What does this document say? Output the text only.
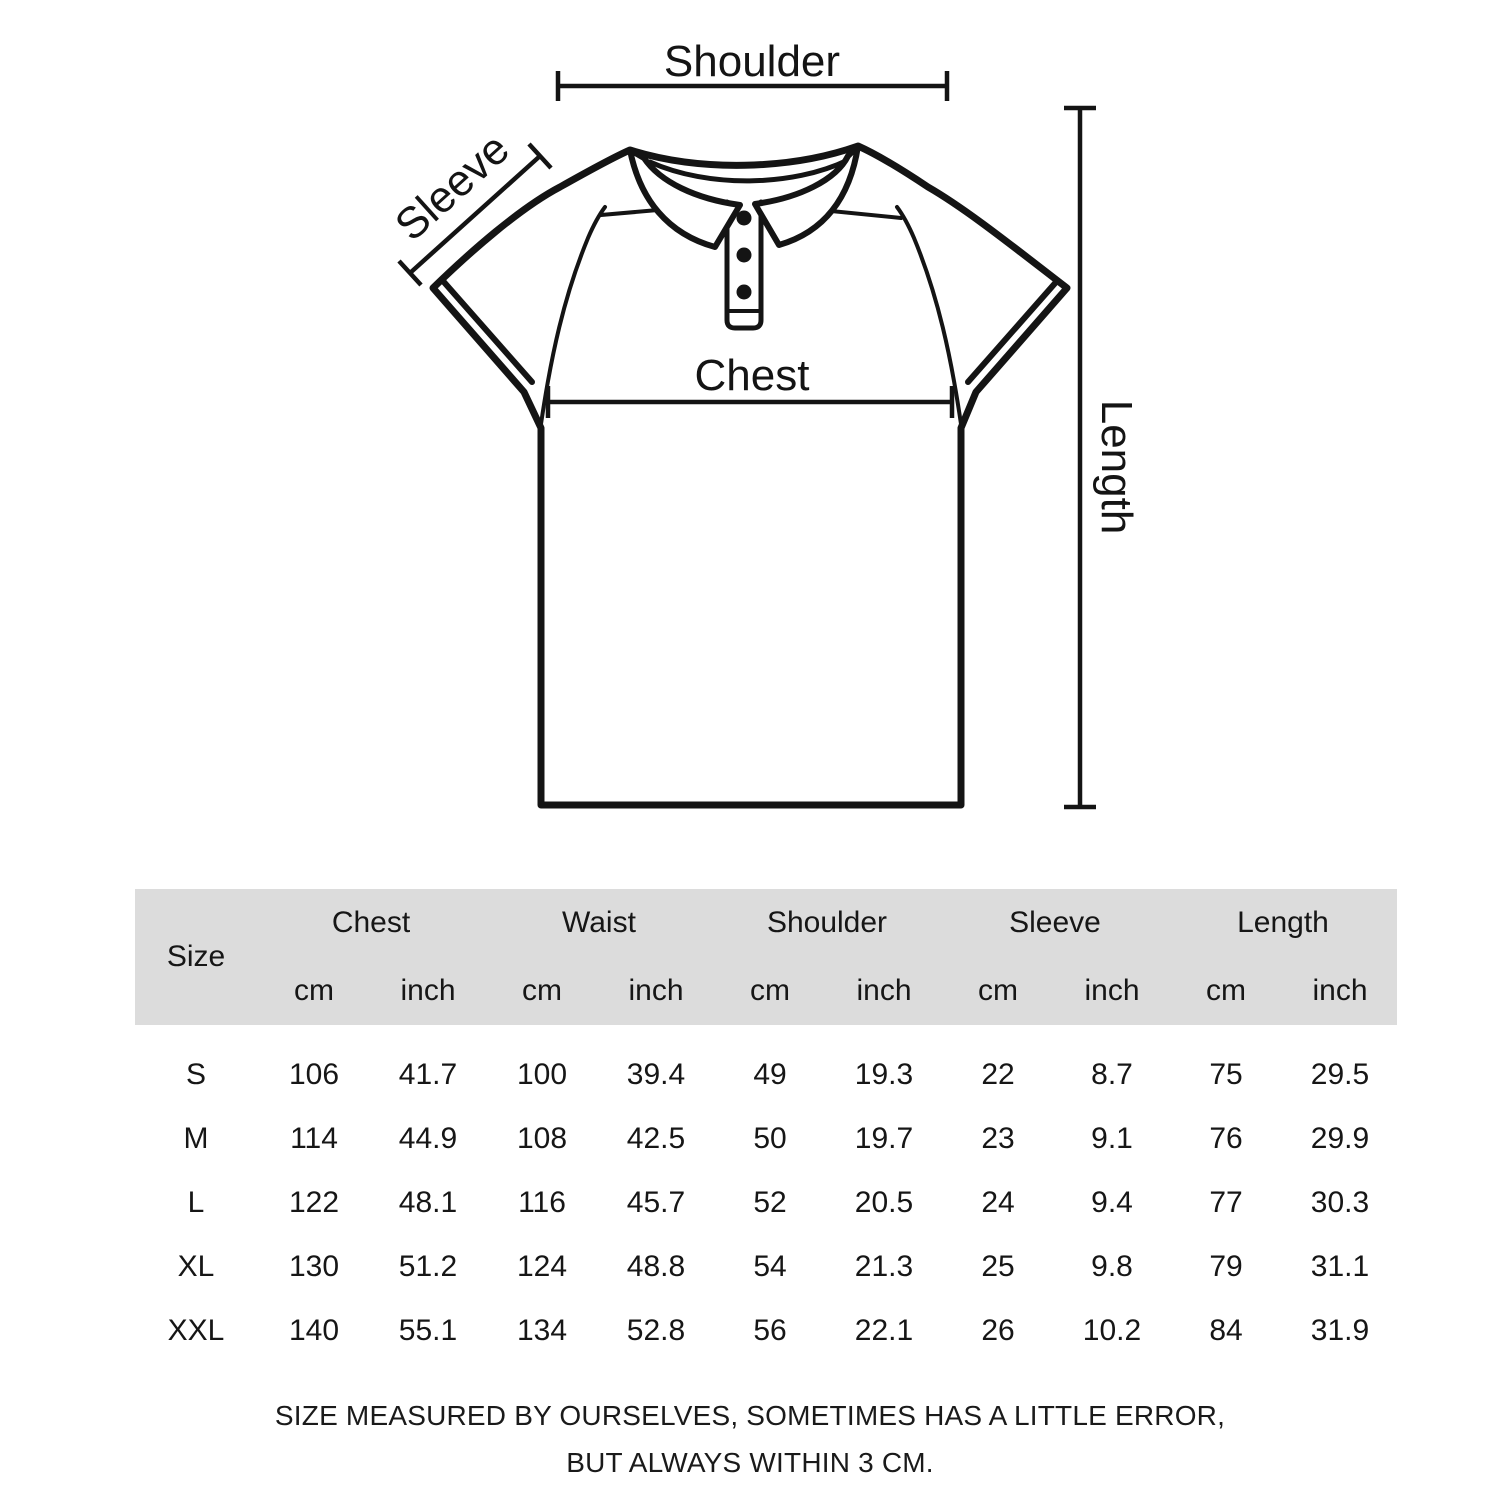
Shoulder
Sleeve
Chest
Length
Size
Chest	Waist	Shoulder	Sleeve	Length
cm	inch	cm	inch	cm	inch	cm	inch	cm	inch
S	106	41.7	100	39.4	49	19.3	22	8.7	75	29.5
M	114	44.9	108	42.5	50	19.7	23	9.1	76	29.9
L	122	48.1	116	45.7	52	20.5	24	9.4	77	30.3
XL	130	51.2	124	48.8	54	21.3	25	9.8	79	31.1
XXL	140	55.1	134	52.8	56	22.1	26	10.2	84	31.9
SIZE MEASURED BY OURSELVES, SOMETIMES HAS A LITTLE ERROR,
BUT ALWAYS WITHIN 3 CM.
